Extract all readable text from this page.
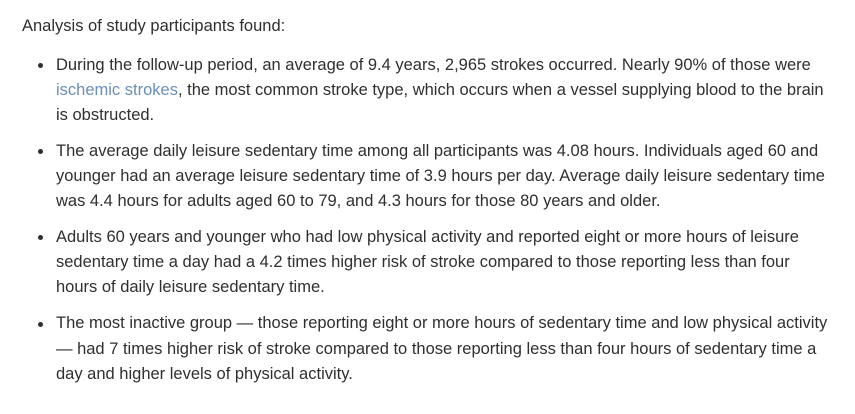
Analysis of study participants found:

During the follow-up period, an average of 9.4 years, 2,965 strokes occurred. Nearly 90% of those were ischemic strokes, the most common stroke type, which occurs when a vessel supplying blood to the brain is obstructed.
The average daily leisure sedentary time among all participants was 4.08 hours. Individuals aged 60 and younger had an average leisure sedentary time of 3.9 hours per day. Average daily leisure sedentary time was 4.4 hours for adults aged 60 to 79, and 4.3 hours for those 80 years and older.
Adults 60 years and younger who had low physical activity and reported eight or more hours of leisure sedentary time a day had a 4.2 times higher risk of stroke compared to those reporting less than four hours of daily leisure sedentary time.
The most inactive group — those reporting eight or more hours of sedentary time and low physical activity — had 7 times higher risk of stroke compared to those reporting less than four hours of sedentary time a day and higher levels of physical activity.
